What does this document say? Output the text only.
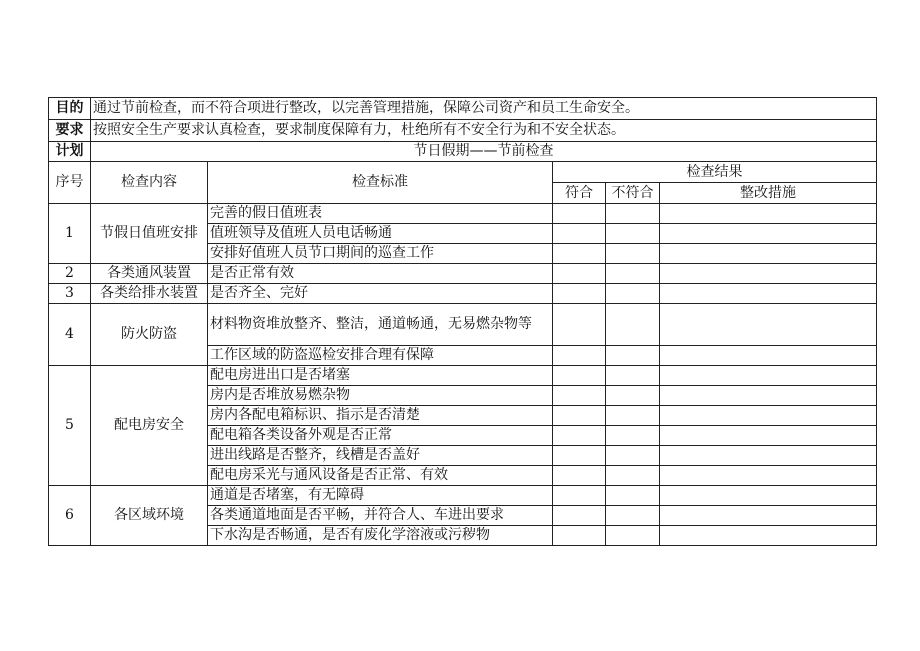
目的	通过节前检查，而不符合项进行整改，以完善管理措施，保障公司资产和员工生命安全。				
要求	按照安全生产要求认真检查，要求制度保障有力，杜绝所有不安全行为和不安全状态。				
计划	节日假期——节前检查				
序号	检查内容	检查标准	检查结果		
			符合	不符合	整改措施
1	节假日值班安排	完善的假日值班表			
		值班领导及值班人员电话畅通			
		安排好值班人员节口期间的巡查工作			
2	各类通风装置	是否正常有效			
3	各类给排水装置	是否齐全、完好			
4	防火防盗	材料物资堆放整齐、整洁，通道畅通，无易燃杂物等			
		工作区域的防盗巡检安排合理有保障			
5	配电房安全	配电房进出口是否堵塞			
		房内是否堆放易燃杂物			
		房内各配电箱标识、指示是否清楚			
		配电箱各类设备外观是否正常			
		进出线路是否整齐，线槽是否盖好			
		配电房采光与通风设备是否正常、有效			
6	各区域环境	通道是否堵塞，有无障碍			
		各类通道地面是否平畅，并符合人、车进出要求			
		下水沟是否畅通，是否有废化学溶液或污秽物			
